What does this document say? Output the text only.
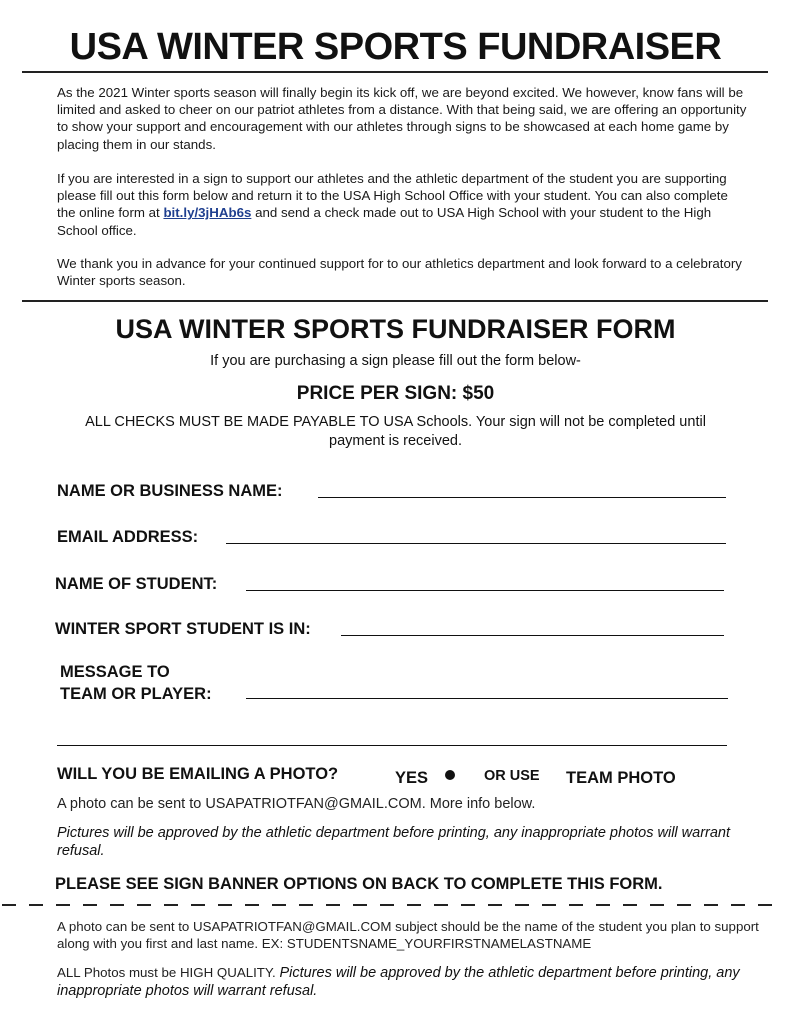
USA WINTER SPORTS FUNDRAISER
As the 2021 Winter sports season will finally begin its kick off, we are beyond excited. We however, know fans will be limited and asked to cheer on our patriot athletes from a distance. With that being said, we are offering an opportunity to show your support and encouragement with our athletes through signs to be showcased at each home game by placing them in our stands.
If you are interested in a sign to support our athletes and the athletic department of the student you are supporting please fill out this form below and return it to the USA High School Office with your student. You can also complete the online form at bit.ly/3jHAb6s and send a check made out to USA High School with your student to the High School office.
We thank you in advance for your continued support for to our athletics department and look forward to a celebratory Winter sports season.
USA WINTER SPORTS FUNDRAISER FORM
If you are purchasing a sign please fill out the form below-
PRICE PER SIGN: $50
ALL CHECKS MUST BE MADE PAYABLE TO USA Schools. Your sign will not be completed until payment is received.
NAME OR BUSINESS NAME:
EMAIL ADDRESS:
NAME OF STUDENT:
WINTER SPORT STUDENT IS IN:
MESSAGE TO
TEAM OR PLAYER:
WILL YOU BE EMAILING A PHOTO?	YES	OR USE TEAM PHOTO
A photo can be sent to USAPATRIOTFAN@GMAIL.COM. More info below.
Pictures will be approved by the athletic department before printing, any inappropriate photos will warrant refusal.
PLEASE SEE SIGN BANNER OPTIONS ON BACK TO COMPLETE THIS FORM.
A photo can be sent to USAPATRIOTFAN@GMAIL.COM subject should be the name of the student you plan to support along with you first and last name. EX: STUDENTSNAME_YOURFIRSTNAMELASTNAME
ALL Photos must be HIGH QUALITY. Pictures will be approved by the athletic department before printing, any inappropriate photos will warrant refusal.
